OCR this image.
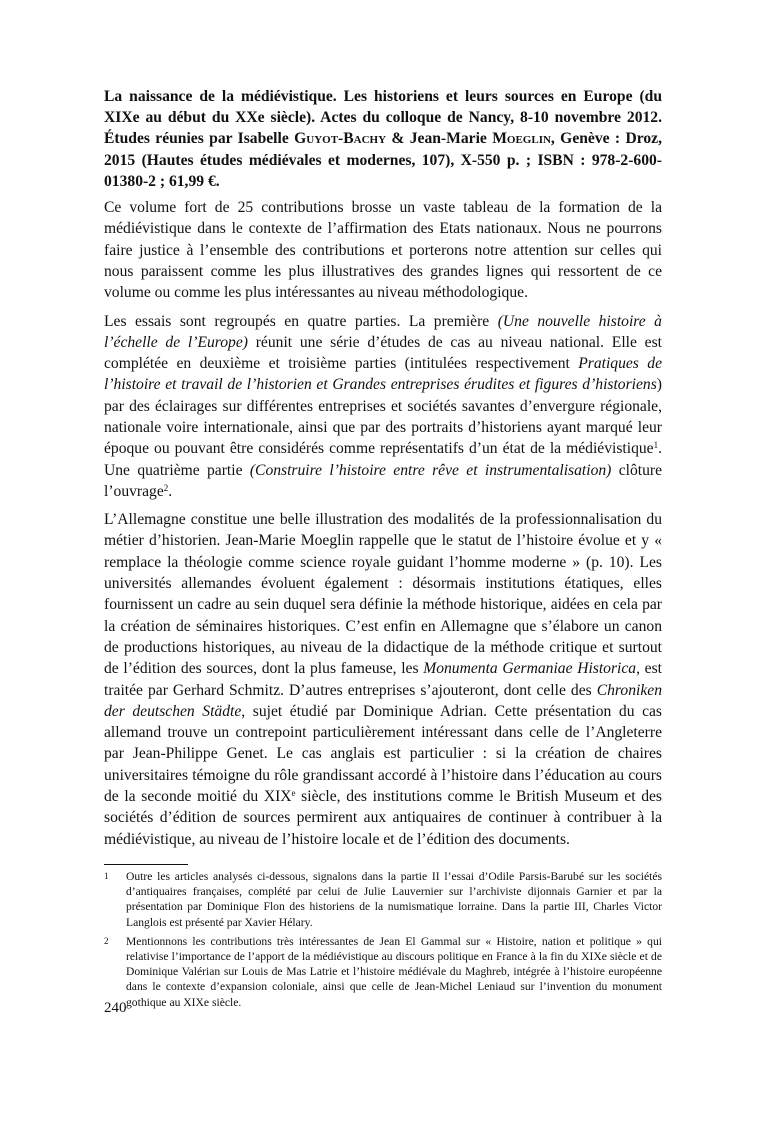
La naissance de la médiévistique. Les historiens et leurs sources en Europe (du XIXe au début du XXe siècle). Actes du colloque de Nancy, 8-10 novembre 2012. Études réunies par Isabelle Guyot-Bachy & Jean-Marie Moeglin, Genève : Droz, 2015 (Hautes études médiévales et modernes, 107), X-550 p. ; ISBN : 978-2-600-01380-2 ; 61,99 €.

Ce volume fort de 25 contributions brosse un vaste tableau de la formation de la médiévistique dans le contexte de l’affirmation des Etats nationaux. Nous ne pourrons faire justice à l’ensemble des contributions et porterons notre attention sur celles qui nous paraissent comme les plus illustratives des grandes lignes qui ressortent de ce volume ou comme les plus intéressantes au niveau méthodologique.

Les essais sont regroupés en quatre parties. La première (Une nouvelle histoire à l’échelle de l’Europe) réunit une série d’études de cas au niveau national. Elle est complétée en deuxième et troisième parties (intitulées respectivement Pratiques de l’histoire et travail de l’historien et Grandes entreprises érudites et figures d’historiens) par des éclairages sur différentes entreprises et sociétés savantes d’envergure régionale, nationale voire internationale, ainsi que par des portraits d’historiens ayant marqué leur époque ou pouvant être considérés comme représentatifs d’un état de la médiévistique$^1$. Une quatrième partie (Construire l’histoire entre rêve et instrumentalisation) clôture l’ouvrage$^2$.

L’Allemagne constitue une belle illustration des modalités de la professionnalisation du métier d’historien. Jean-Marie Moeglin rappelle que le statut de l’histoire évolue et y « remplace la théologie comme science royale guidant l’homme moderne » (p. 10). Les universités allemandes évoluent également : désormais institutions étatiques, elles fournissent un cadre au sein duquel sera définie la méthode historique, aidées en cela par la création de séminaires historiques. C’est enfin en Allemagne que s’élabore un canon de productions historiques, au niveau de la didactique de la méthode critique et surtout de l’édition des sources, dont la plus fameuse, les Monumenta Germaniae Historica, est traitée par Gerhard Schmitz. D’autres entreprises s’ajouteront, dont celle des Chroniken der deutschen Städte, sujet étudié par Dominique Adrian. Cette présentation du cas allemand trouve un contrepoint particulièrement intéressant dans celle de l’Angleterre par Jean-Philippe Genet. Le cas anglais est particulier : si la création de chaires universitaires témoigne du rôle grandissant accordé à l’histoire dans l’éducation au cours de la seconde moitié du XIXe siècle, des institutions comme le British Museum et des sociétés d’édition de sources permirent aux antiquaires de continuer à contribuer à la médiévistique, au niveau de l’histoire locale et de l’édition des documents.

1	Outre les articles analysés ci-dessous, signalons dans la partie II l’essai d’Odile Parsis-Barubé sur les sociétés d’antiquaires françaises, complété par celui de Julie Lauvernier sur l’archiviste dijonnais Garnier et par la présentation par Dominique Flon des historiens de la numismatique lorraine. Dans la partie III, Charles Victor Langlois est présenté par Xavier Hélary.
2	Mentionnons les contributions très intéressantes de Jean El Gammal sur « Histoire, nation et politique » qui relativise l’importance de l’apport de la médiévistique au discours politique en France à la fin du XIXe siècle et de Dominique Valérian sur Louis de Mas Latrie et l’histoire médiévale du Maghreb, intégrée à l’histoire européenne dans le contexte d’expansion coloniale, ainsi que celle de Jean-Michel Leniaud sur l’invention du monument gothique au XIXe siècle.
240
